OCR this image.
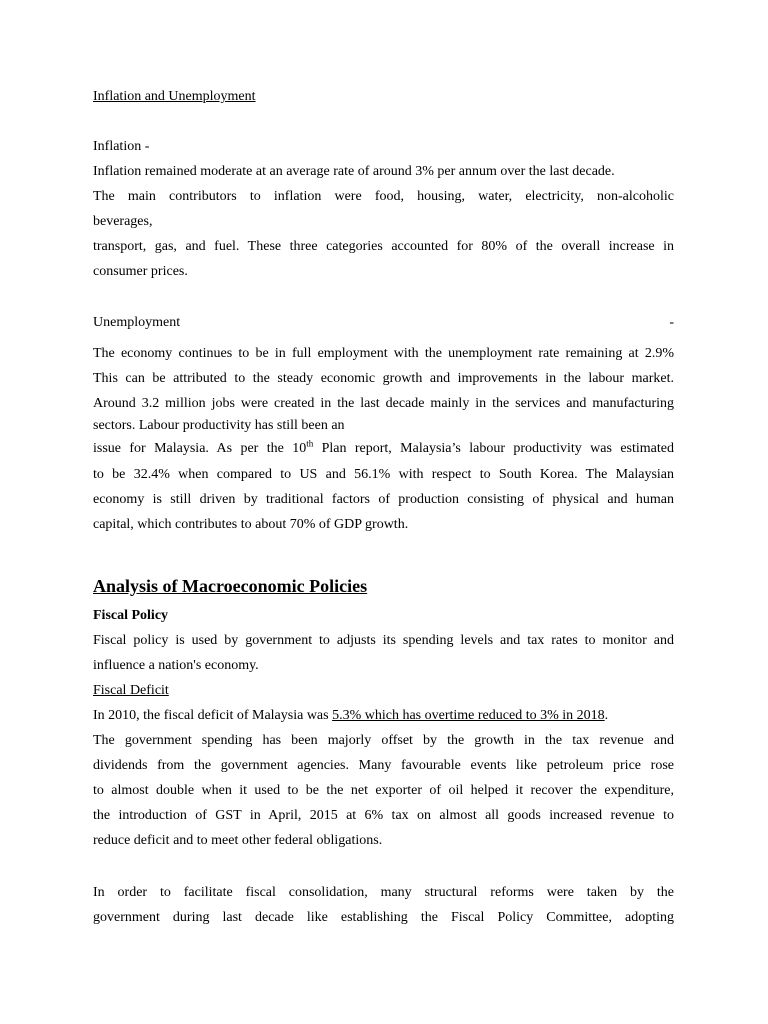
Inflation and Unemployment
Inflation -
Inflation remained moderate at an average rate of around 3% per annum over the last decade.
The main contributors to inflation were food, housing, water, electricity, non-alcoholic
beverages,
transport, gas, and fuel. These three categories accounted for 80% of the overall increase in
consumer prices.
Unemployment	-
The economy continues to be in full employment with the unemployment rate remaining at 2.9%
This can be attributed to the steady economic growth and improvements in the labour market.
Around 3.2 million jobs were created in the last decade mainly in the services and manufacturing
sectors. Labour productivity has still been an
issue for Malaysia. As per the 10th Plan report, Malaysia’s labour productivity was estimated
to be 32.4% when compared to US and 56.1% with respect to South Korea. The Malaysian
economy is still driven by traditional factors of production consisting of physical and human
capital, which contributes to about 70% of GDP growth.
Analysis of Macroeconomic Policies
Fiscal Policy
Fiscal policy is used by government to adjusts its spending levels and tax rates to monitor and
influence a nation's economy.
Fiscal Deficit
In 2010, the fiscal deficit of Malaysia was 5.3% which has overtime reduced to 3% in 2018.
The government spending has been majorly offset by the growth in the tax revenue and
dividends from the government agencies. Many favourable events like petroleum price rose
to almost double when it used to be the net exporter of oil helped it recover the expenditure,
the introduction of GST in April, 2015 at 6% tax on almost all goods increased revenue to
reduce deficit and to meet other federal obligations.
In order to facilitate fiscal consolidation, many structural reforms were taken by the
government during last decade like establishing the Fiscal Policy Committee, adopting
